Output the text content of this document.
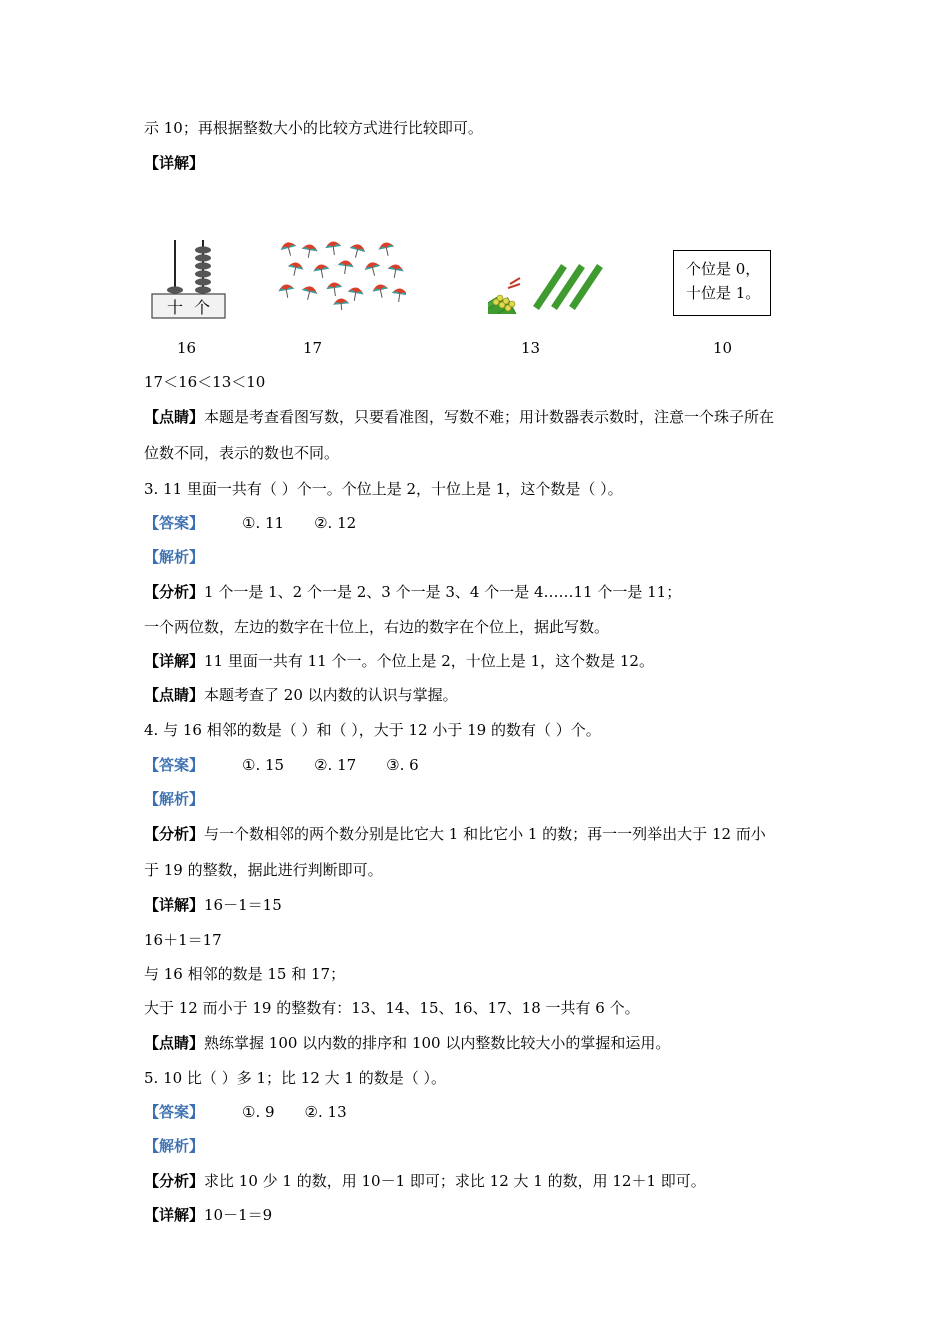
示 10；再根据整数大小的比较方式进行比较即可。
【详解】
十 个
16	17	13
个位是 0，
十位是 1。
10
17＜16＜13＜10
【点睛】本题是考查看图写数，只要看准图，写数不难；用计数器表示数时，注意一个珠子所在
位数不同，表示的数也不同。
3. 11 里面一共有（ ）个一。个位上是 2，十位上是 1，这个数是（ ）。
【答案】	①. 11 ②. 12
【解析】
【分析】1 个一是 1、2 个一是 2、3 个一是 3、4 个一是 4……11 个一是 11；
一个两位数，左边的数字在十位上，右边的数字在个位上，据此写数。
【详解】11 里面一共有 11 个一。个位上是 2，十位上是 1，这个数是 12。
【点睛】本题考查了 20 以内数的认识与掌握。
4. 与 16 相邻的数是（ ）和（ ），大于 12 小于 19 的数有（ ）个。
【答案】	①. 15 ②. 17 ③. 6
【解析】
【分析】与一个数相邻的两个数分别是比它大 1 和比它小 1 的数；再一一列举出大于 12 而小
于 19 的整数，据此进行判断即可。
【详解】16－1＝15
16＋1＝17
与 16 相邻的数是 15 和 17；
大于 12 而小于 19 的整数有：13、14、15、16、17、18 一共有 6 个。
【点睛】熟练掌握 100 以内数的排序和 100 以内整数比较大小的掌握和运用。
5. 10 比（ ）多 1；比 12 大 1 的数是（ ）。
【答案】	①. 9 ②. 13
【解析】
【分析】求比 10 少 1 的数，用 10－1 即可；求比 12 大 1 的数，用 12＋1 即可。
【详解】10－1＝9
